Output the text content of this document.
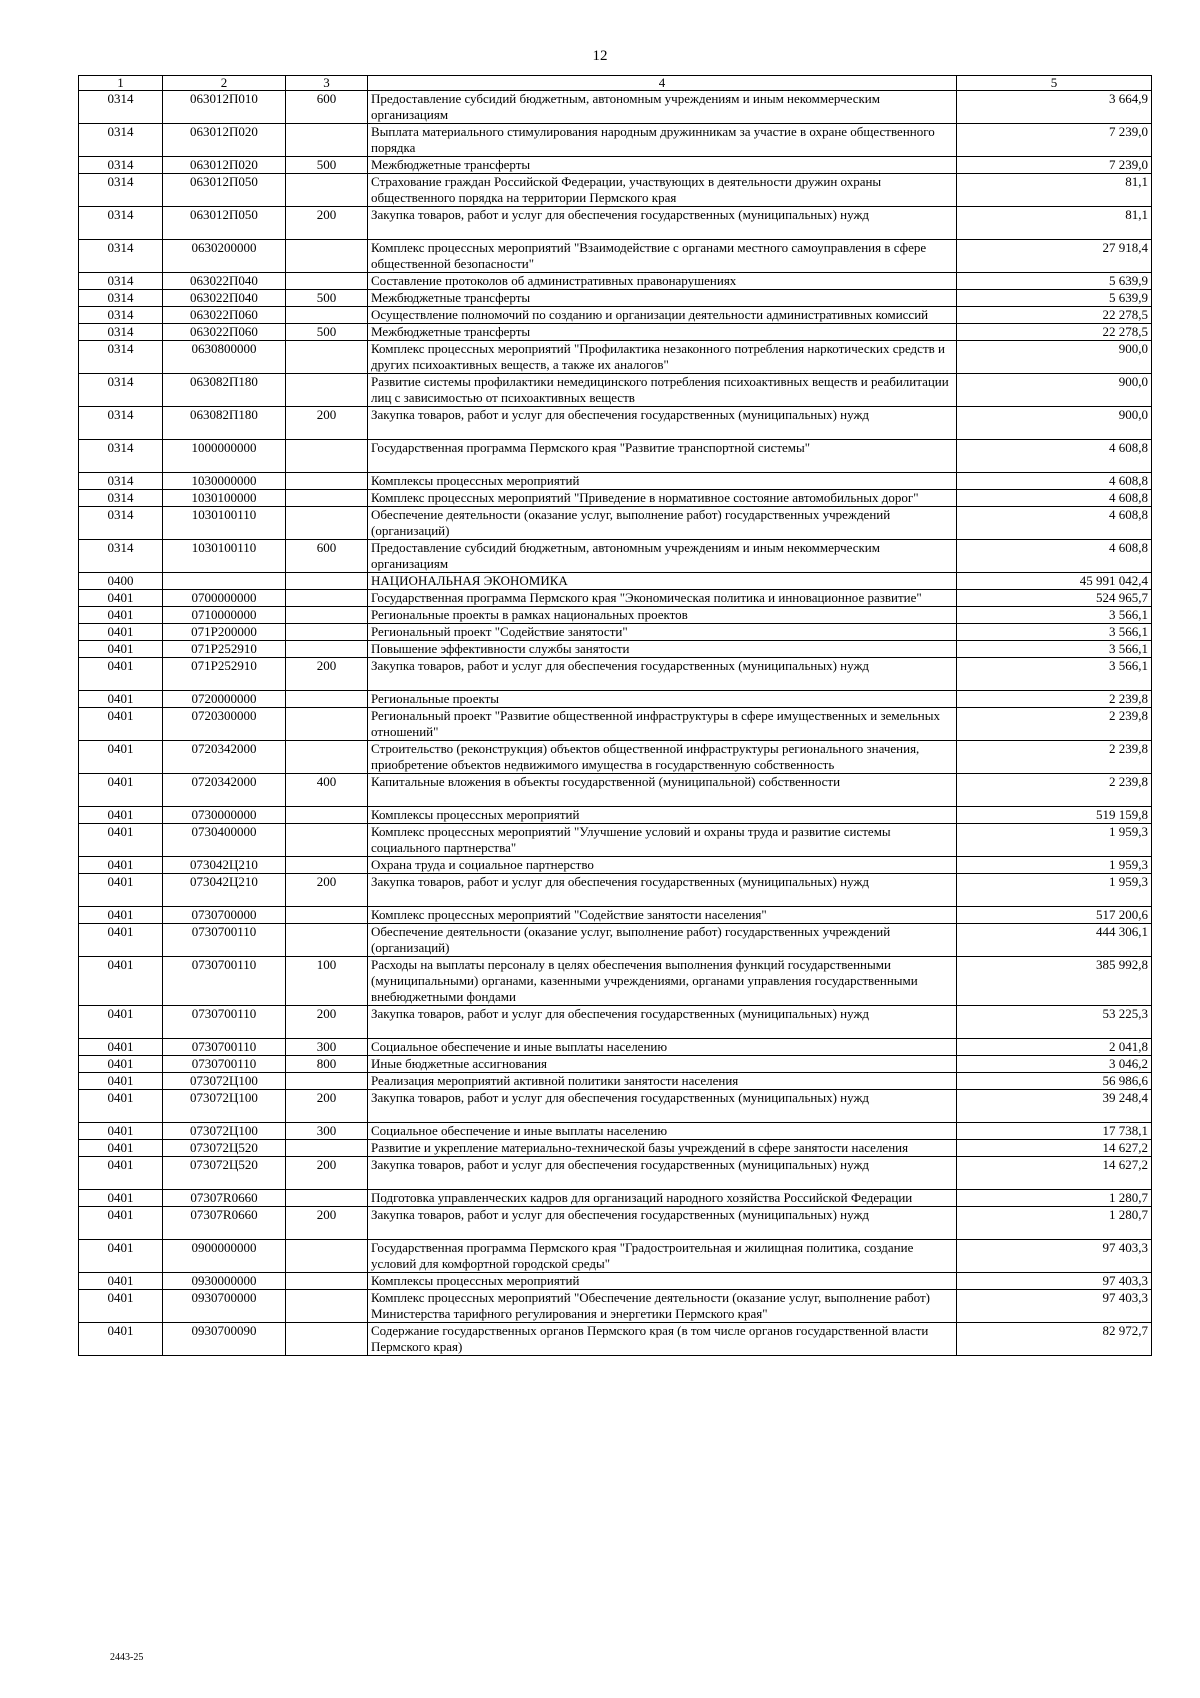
12
1	2	3	4	5
0314	063012П010	600	Предоставление субсидий бюджетным, автономным учреждениям и иным некоммерческим организациям	3 664,9
0314	063012П020		Выплата материального стимулирования народным дружинникам за участие в охране общественного порядка	7 239,0
0314	063012П020	500	Межбюджетные трансферты	7 239,0
0314	063012П050		Страхование граждан Российской Федерации, участвующих в деятельности дружин охраны общественного порядка на территории Пермского края	81,1
0314	063012П050	200	Закупка товаров, работ и услуг для обеспечения государственных (муниципальных) нужд	81,1
0314	0630200000		Комплекс процессных мероприятий "Взаимодействие с органами местного самоуправления в сфере общественной безопасности"	27 918,4
0314	063022П040		Составление протоколов об административных правонарушениях	5 639,9
0314	063022П040	500	Межбюджетные трансферты	5 639,9
0314	063022П060		Осуществление полномочий по созданию и организации деятельности административных комиссий	22 278,5
0314	063022П060	500	Межбюджетные трансферты	22 278,5
0314	0630800000		Комплекс процессных мероприятий "Профилактика незаконного потребления наркотических средств и других психоактивных веществ, а также их аналогов"	900,0
0314	063082П180		Развитие системы профилактики немедицинского потребления психоактивных веществ и реабилитации лиц с зависимостью от психоактивных веществ	900,0
0314	063082П180	200	Закупка товаров, работ и услуг для обеспечения государственных (муниципальных) нужд	900,0
0314	1000000000		Государственная программа Пермского края "Развитие транспортной системы"	4 608,8
0314	1030000000		Комплексы процессных мероприятий	4 608,8
0314	1030100000		Комплекс процессных мероприятий "Приведение в нормативное состояние автомобильных дорог"	4 608,8
0314	1030100110		Обеспечение деятельности (оказание услуг, выполнение работ) государственных учреждений (организаций)	4 608,8
0314	1030100110	600	Предоставление субсидий бюджетным, автономным учреждениям и иным некоммерческим организациям	4 608,8
0400			НАЦИОНАЛЬНАЯ ЭКОНОМИКА	45 991 042,4
0401	0700000000		Государственная программа Пермского края "Экономическая политика и инновационное развитие"	524 965,7
0401	0710000000		Региональные проекты в рамках национальных проектов	3 566,1
0401	071Р200000		Региональный проект "Содействие занятости"	3 566,1
0401	071Р252910		Повышение эффективности службы занятости	3 566,1
0401	071Р252910	200	Закупка товаров, работ и услуг для обеспечения государственных (муниципальных) нужд	3 566,1
0401	0720000000		Региональные проекты	2 239,8
0401	0720300000		Региональный проект "Развитие общественной инфраструктуры в сфере имущественных и земельных отношений"	2 239,8
0401	0720342000		Строительство (реконструкция) объектов общественной инфраструктуры регионального значения, приобретение объектов недвижимого имущества в государственную собственность	2 239,8
0401	0720342000	400	Капитальные вложения в объекты государственной (муниципальной) собственности	2 239,8
0401	0730000000		Комплексы процессных мероприятий	519 159,8
0401	0730400000		Комплекс процессных мероприятий "Улучшение условий и охраны труда и развитие системы социального партнерства"	1 959,3
0401	073042Ц210		Охрана труда и социальное партнерство	1 959,3
0401	073042Ц210	200	Закупка товаров, работ и услуг для обеспечения государственных (муниципальных) нужд	1 959,3
0401	0730700000		Комплекс процессных мероприятий "Содействие занятости населения"	517 200,6
0401	0730700110		Обеспечение деятельности (оказание услуг, выполнение работ) государственных учреждений (организаций)	444 306,1
0401	0730700110	100	Расходы на выплаты персоналу в целях обеспечения выполнения функций государственными (муниципальными) органами, казенными учреждениями, органами управления государственными внебюджетными фондами	385 992,8
0401	0730700110	200	Закупка товаров, работ и услуг для обеспечения государственных (муниципальных) нужд	53 225,3
0401	0730700110	300	Социальное обеспечение и иные выплаты населению	2 041,8
0401	0730700110	800	Иные бюджетные ассигнования	3 046,2
0401	073072Ц100		Реализация мероприятий активной политики занятости населения	56 986,6
0401	073072Ц100	200	Закупка товаров, работ и услуг для обеспечения государственных (муниципальных) нужд	39 248,4
0401	073072Ц100	300	Социальное обеспечение и иные выплаты населению	17 738,1
0401	073072Ц520		Развитие и укрепление материально-технической базы учреждений в сфере занятости населения	14 627,2
0401	073072Ц520	200	Закупка товаров, работ и услуг для обеспечения государственных (муниципальных) нужд	14 627,2
0401	07307R0660		Подготовка управленческих кадров для организаций народного хозяйства Российской Федерации	1 280,7
0401	07307R0660	200	Закупка товаров, работ и услуг для обеспечения государственных (муниципальных) нужд	1 280,7
0401	0900000000		Государственная программа Пермского края "Градостроительная и жилищная политика, создание условий для комфортной городской среды"	97 403,3
0401	0930000000		Комплексы процессных мероприятий	97 403,3
0401	0930700000		Комплекс процессных мероприятий "Обеспечение деятельности (оказание услуг, выполнение работ) Министерства тарифного регулирования и энергетики Пермского края"	97 403,3
0401	0930700090		Содержание государственных органов Пермского края (в том числе органов государственной власти Пермского края)	82 972,7
2443-25
